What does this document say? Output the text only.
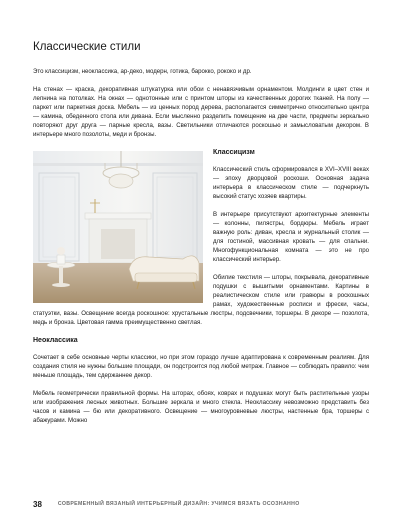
Классические стили

Это классицизм, неоклассика, ар-деко, модерн, готика, барокко, рококо и др.

На стенах — краска, декоративная штукатурка или обои с ненавязчивым орнаментом. Молдинги в цвет стен и лепнина на потолках. На окнах — однотонные или с принтом шторы из качественных дорогих тканей. На полу — паркет или паркетная доска. Мебель — из ценных пород дерева, располагается симметрично относительно центра — камина, обеденного стола или дивана. Если мысленно разделить помещение на две части, предметы зеркально повторяют друг друга — парные кресла, вазы. Светильники отличаются роскошью и замысловатым декором. В интерьере много позолоты, меди и бронзы.

Классицизм

Классический стиль сформировался в XVI–XVIII веках — эпоху дворцовой роскоши. Основная задача интерьера в классическом стиле — подчеркнуть высокий статус хозяев квартиры.

В интерьере присутствуют архитектурные элементы — колонны, пилястры, бордюры. Мебель играет важную роль: диван, кресла и журнальный столик — для гостиной, массивная кровать — для спальни. Многофункциональная комната — это не про классический интерьер.

Обилие текстиля — шторы, покрывала, декоративные подушки с вышитыми орнаментами. Картины в реалистическом стиле или гравюры в роскошных рамах, художественные росписи и фрески, часы, статуэтки, вазы. Освещение всегда роскошное: хрустальные люстры, подсвечники, торшеры. В декоре — позолота, медь и бронза. Цветовая гамма преимущественно светлая.

Неоклассика

Сочетает в себе основные черты классики, но при этом гораздо лучше адаптирована к современным реалиям. Для создания стиля не нужны большие площади, он подстроится под любой метраж. Главное — соблюдать правило: чем меньше площадь, тем сдержаннее декор.

Мебель геометрически правильной формы. На шторах, обоях, коврах и подушках могут быть растительные узоры или изображения лесных животных. Большие зеркала и много стекла. Неоклассику невозможно представить без часов и камина — бю или декоративного. Освещение — многоуровневые люстры, настенные бра, торшеры с абажурами. Можно

38	СОВРЕМЕННЫЙ ВЯЗАНЫЙ ИНТЕРЬЕРНЫЙ ДИЗАЙН: УЧИМСЯ ВЯЗАТЬ ОСОЗНАННО
